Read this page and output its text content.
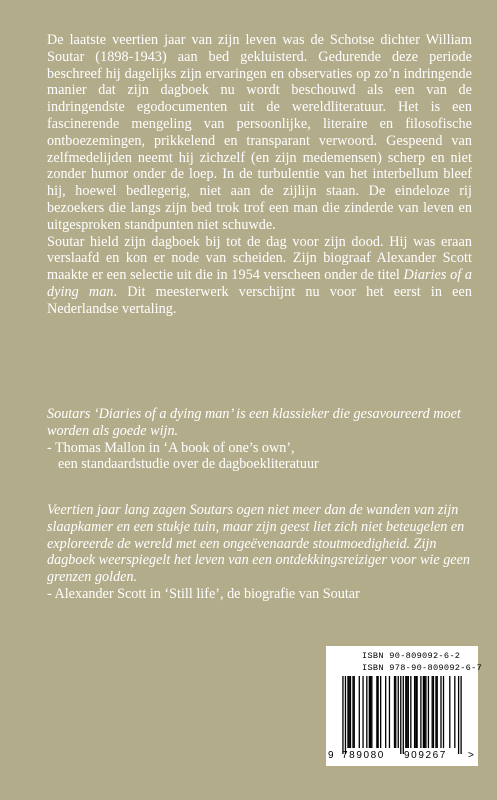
De laatste veertien jaar van zijn leven was de Schotse dichter William Soutar (1898-1943) aan bed gekluisterd. Gedurende deze periode beschreef hij dagelijks zijn ervaringen en observaties op zo’n indringende manier dat zijn dagboek nu wordt beschouwd als een van de indringendste egodocumenten uit de wereldliteratuur. Het is een fascinerende mengeling van persoonlijke, literaire en filosofische ontboezemingen, prikkelend en transparant verwoord. Gespeend van zelfmedelijden neemt hij zichzelf (en zijn medemensen) scherp en niet zonder humor onder de loep. In de turbulentie van het interbellum bleef hij, hoewel bedlegerig, niet aan de zijlijn staan. De eindeloze rij bezoekers die langs zijn bed trok trof een man die zinderde van leven en uitgesproken standpunten niet schuwde.

Soutar hield zijn dagboek bij tot de dag voor zijn dood. Hij was eraan verslaafd en kon er node van scheiden. Zijn biograaf Alexander Scott maakte er een selectie uit die in 1954 verscheen onder de titel Diaries of a dying man. Dit meesterwerk verschijnt nu voor het eerst in een Nederlandse vertaling.

Soutars ‘Diaries of a dying man’ is een klassieker die gesavoureerd moet worden als goede wijn.

- Thomas Mallon in ‘A book of one’s own’,

een standaardstudie over de dagboekliteratuur

Veertien jaar lang zagen Soutars ogen niet meer dan de wanden van zijn slaapkamer en een stukje tuin, maar zijn geest liet zich niet beteugelen en exploreerde de wereld met een ongeëvenaarde stoutmoedigheid. Zijn dagboek weerspiegelt het leven van een ontdekkingsreiziger voor wie geen grenzen golden.

- Alexander Scott in ‘Still life’, de biografie van Soutar

ISBN 90-809092-6-2
ISBN 978-90-809092-6-7
9 789080 909267 >
